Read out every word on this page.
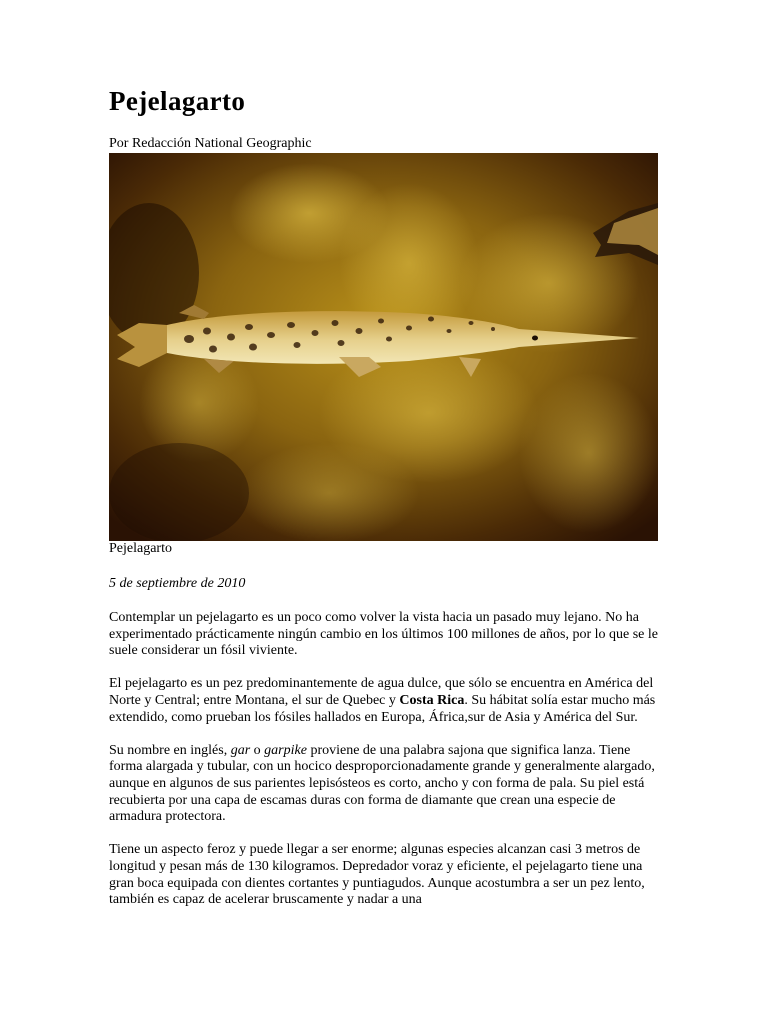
Pejelagarto
Por Redacción National Geographic
Pejelagarto
5 de septiembre de 2010

Contemplar un pejelagarto es un poco como volver la vista hacia un pasado muy lejano. No ha experimentado prácticamente ningún cambio en los últimos 100 millones de años, por lo que se le suele considerar un fósil viviente.

El pejelagarto es un pez predominantemente de agua dulce, que sólo se encuentra en América del Norte y Central; entre Montana, el sur de Quebec y Costa Rica. Su hábitat solía estar mucho más extendido, como prueban los fósiles hallados en Europa, África,sur de Asia y América del Sur.

Su nombre en inglés, gar o garpike proviene de una palabra sajona que significa lanza. Tiene forma alargada y tubular, con un hocico desproporcionadamente grande y generalmente alargado, aunque en algunos de sus parientes lepisósteos es corto, ancho y con forma de pala. Su piel está recubierta por una capa de escamas duras con forma de diamante que crean una especie de armadura protectora.

Tiene un aspecto feroz y puede llegar a ser enorme; algunas especies alcanzan casi 3 metros de longitud y pesan más de 130 kilogramos. Depredador voraz y eficiente, el pejelagarto tiene una gran boca equipada con dientes cortantes y puntiagudos. Aunque acostumbra a ser un pez lento, también es capaz de acelerar bruscamente y nadar a una
